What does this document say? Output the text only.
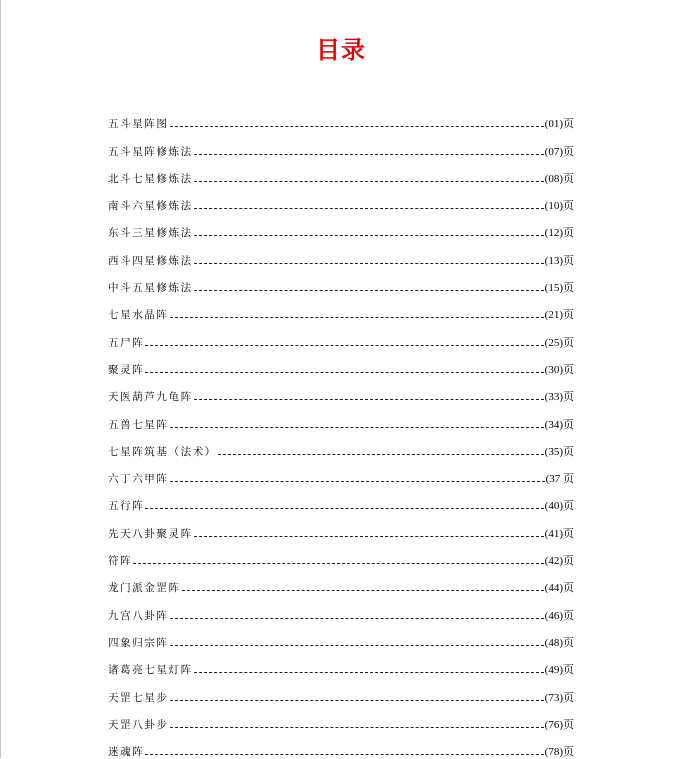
目录
五斗星阵图	(01)页
五斗星阵修炼法	(07)页
北斗七星修炼法	(08)页
南斗六星修炼法	(10)页
东斗三星修炼法	(12)页
西斗四星修炼法	(13)页
中斗五星修炼法	(15)页
七星水晶阵	(21)页
五尸阵	(25)页
聚灵阵	(30)页
天医葫芦九龟阵	(33)页
五兽七星阵	(34)页
七星阵筑基（法术）	(35)页
六丁六甲阵	(37 页
五行阵	(40)页
先天八卦聚灵阵	(41)页
符阵	(42)页
龙门派金罡阵	(44)页
九宫八卦阵	(46)页
四象归宗阵	(48)页
诸葛亮七星灯阵	(49)页
天罡七星步	(73)页
天罡八卦步	(76)页
迷魂阵	(78)页
